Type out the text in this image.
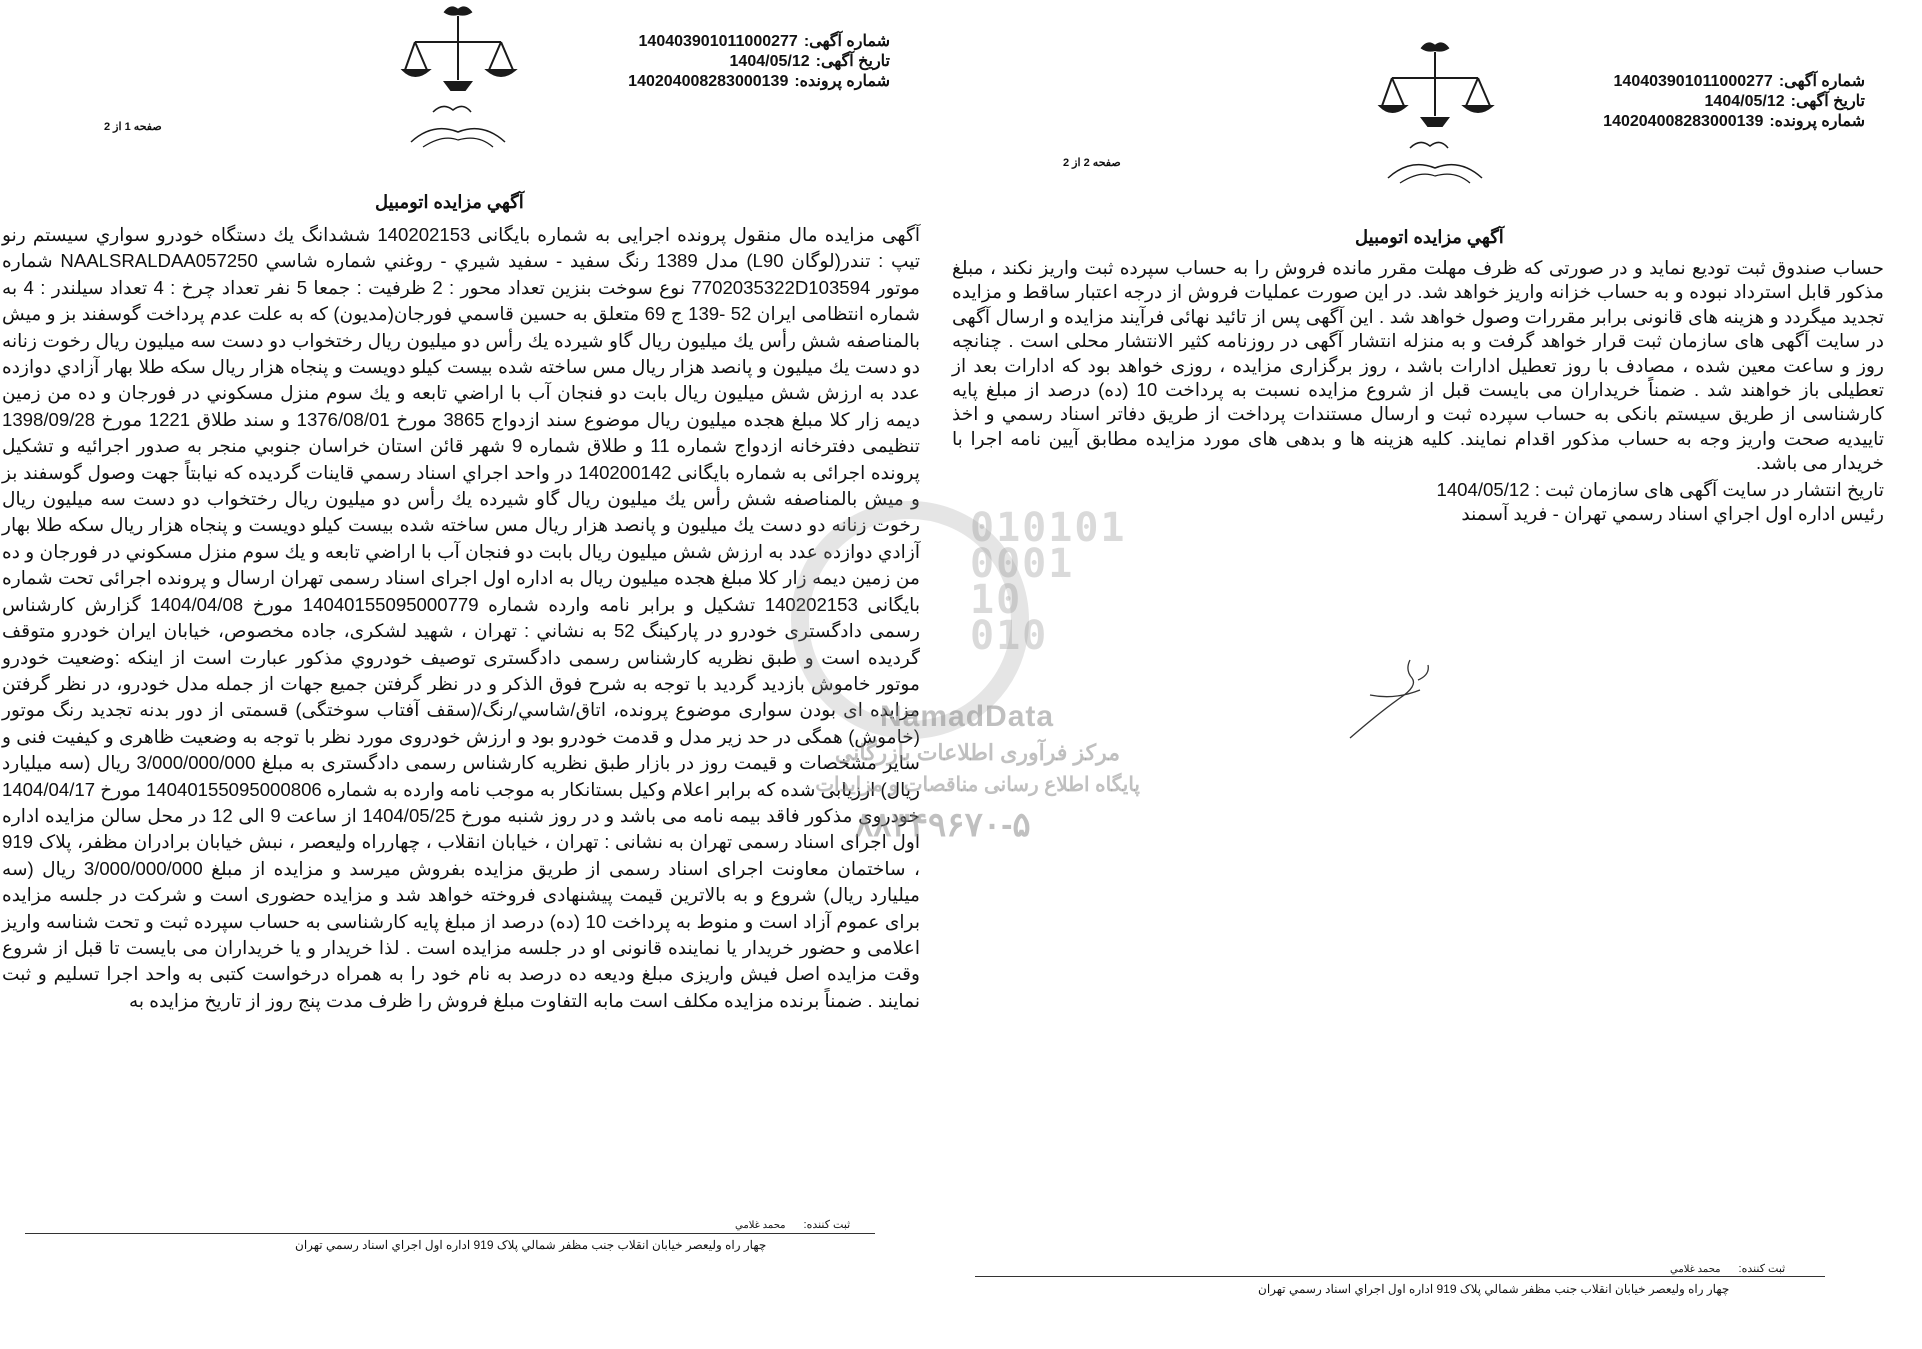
شماره آگهی:14040390101100027​7
تاریخ آگهی:1404/05/12
شماره پرونده:140204008283000139
صفحه 1 از 2
آگهي مزايده اتومبيل
آگهی مزایده مال منقول پرونده اجرایی به شماره بایگانی 140202153 ششدانگ يك دستگاه خودرو سواري سيستم رنو تيپ : تندر(لوگان L90) مدل 1389 رنگ سفيد - سفيد شيري - روغني شماره شاسي NAALSRALDAA057250 شماره موتور 7702035322D103594 نوع سوخت بنزين تعداد محور : 2 ظرفيت : جمعا 5 نفر تعداد چرخ : 4 تعداد سيلندر : 4 به شماره انتظامی ايران 52 -139 ج 69 متعلق به حسين قاسمي فورجان(مديون) كه به علت عدم پرداخت گوسفند بز و ميش بالمناصفه شش رأس يك ميليون ريال گاو شيرده يك رأس دو ميليون ريال رختخواب دو دست سه ميليون ريال رخوت زنانه دو دست يك ميليون و پانصد هزار ريال مس ساخته شده بيست كيلو دويست و پنجاه هزار ريال سكه طلا بهار آزادي دوازده عدد به ارزش شش ميليون ريال بابت دو فنجان آب با اراضي تابعه و يك سوم منزل مسكوني در فورجان و ده من زمين ديمه زار كلا مبلغ هجده ميليون ريال موضوع سند ازدواج 3865 مورخ 1376/08/01 و سند طلاق 1221 مورخ 1398/09/28 تنظيمی دفترخانه ازدواج شماره 11 و طلاق شماره 9 شهر قائن استان خراسان جنوبي منجر به صدور اجرائيه و تشكيل پرونده اجرائی به شماره بايگانی 140200142 در واحد اجراي اسناد رسمي قاينات گرديده كه نيابتاً جهت وصول گوسفند بز و ميش بالمناصفه شش رأس يك ميليون ريال گاو شيرده يك رأس دو ميليون ريال رختخواب دو دست سه ميليون ريال رخوت زنانه دو دست يك ميليون و پانصد هزار ريال مس ساخته شده بيست كيلو دويست و پنجاه هزار ريال سكه طلا بهار آزادي دوازده عدد به ارزش شش ميليون ريال بابت دو فنجان آب با اراضي تابعه و يك سوم منزل مسكوني در فورجان و ده من زمين ديمه زار كلا مبلغ هجده ميليون ريال به اداره اول اجرای اسناد رسمی تهران ارسال و پرونده اجرائی تحت شماره بایگانی 140202153 تشكيل و برابر نامه وارده شماره 14040155095000779 مورخ 1404/04/08 گزارش كارشناس رسمی دادگستری خودرو در پاركينگ 52 به نشاني : تهران ، شهيد لشكری، جاده مخصوص، خيابان ايران خودرو متوقف گرديده است و طبق نظريه كارشناس رسمی دادگستری توصيف خودروي مذكور عبارت است از اينكه :وضعيت خودرو موتور خاموش بازديد گرديد با توجه به شرح فوق الذكر و در نظر گرفتن جميع جهات از جمله مدل خودرو، در نظر گرفتن مزايده ای بودن سواری موضوع پرونده، اتاق/شاسي/رنگ/(سقف آفتاب سوختگی) قسمتی از دور بدنه تجديد رنگ موتور (خاموش) همگی در حد زير مدل و قدمت خودرو بود و ارزش خودروی مورد نظر با توجه به وضعيت ظاهری و كيفيت فنی و ساير مشخصات و قيمت روز در بازار طبق نظريه كارشناس رسمی دادگستری به مبلغ 3/000/000/000 ريال (سه ميليارد ريال) ارزيابی شده كه برابر اعلام وكيل بستانكار به موجب نامه وارده به شماره 14040155095000806 مورخ 1404/04/17 خودروی مذكور فاقد بيمه نامه می باشد و در روز شنبه مورخ 1404/05/25 از ساعت 9 الی 12 در محل سالن مزايده اداره اول اجرای اسناد رسمی تهران به نشانی : تهران ، خيابان انقلاب ، چهارراه وليعصر ، نبش خيابان برادران مظفر، پلاک 919 ، ساختمان معاونت اجرای اسناد رسمی از طريق مزايده بفروش ميرسد و مزايده از مبلغ 3/000/000/000 ريال (سه ميليارد ريال) شروع و به بالاترين قيمت پيشنهادی فروخته خواهد شد و مزايده حضوری است و شركت در جلسه مزايده برای عموم آزاد است و منوط به پرداخت 10 (ده) درصد از مبلغ پايه كارشناسی به حساب سپرده ثبت و تحت شناسه واريز اعلامی و حضور خريدار يا نماينده قانونی او در جلسه مزايده است . لذا خريدار و يا خريداران می بايست تا قبل از شروع وقت مزايده اصل فيش واريزی مبلغ وديعه ده درصد به نام خود را به همراه درخواست كتبی به واحد اجرا تسليم و ثبت نمايند . ضمناً برنده مزايده مكلف است مابه التفاوت مبلغ فروش را ظرف مدت پنج روز از تاريخ مزايده به
ثبت كننده:محمد غلامي
چهار راه وليعصر خيابان انقلاب جنب مظفر شمالي پلاک 919 اداره اول اجراي اسناد رسمي تهران
شماره آگهی:140403901011000277
تاریخ آگهی:1404/05/12
شماره پرونده:140204008283000139
صفحه 2 از 2
آگهي مزايده اتومبيل

حساب صندوق ثبت توديع نمايد و در صورتی كه ظرف مهلت مقرر مانده فروش را به حساب سپرده ثبت واريز نكند ، مبلغ مذكور قابل استرداد نبوده و به حساب خزانه واريز خواهد شد. در اين صورت عمليات فروش از درجه اعتبار ساقط و مزايده تجديد ميگردد و هزينه های قانونی برابر مقررات وصول خواهد شد . اين آگهی پس از تائيد نهائی فرآيند مزايده و ارسال آگهی در سايت آگهی های سازمان ثبت قرار خواهد گرفت و به منزله انتشار آگهی در روزنامه كثير الانتشار محلی است . چنانچه روز و ساعت معين شده ، مصادف با روز تعطيل ادارات باشد ، روز برگزاری مزايده ، روزی خواهد بود كه ادارات بعد از تعطيلی باز خواهند شد . ضمناً خريداران می بايست قبل از شروع مزايده نسبت به پرداخت 10 (ده) درصد از مبلغ پايه كارشناسی از طريق سيستم بانكی به حساب سپرده ثبت و ارسال مستندات پرداخت از طريق دفاتر اسناد رسمي و اخذ تاييديه صحت واريز وجه به حساب مذكور اقدام نمايند. كليه هزينه ها و بدهی های مورد مزايده مطابق آيين نامه اجرا با خريدار می باشد.

تاريخ انتشار در سايت آگهی های سازمان ثبت : 1404/05/12

رئيس اداره اول اجراي اسناد رسمي تهران - فريد آسمند

ثبت كننده:محمد غلامي
چهار راه وليعصر خيابان انقلاب جنب مظفر شمالي پلاک 919 اداره اول اجراي اسناد رسمي تهران
010101
0001
10
010
NamadData
مرکز فرآوری اطلاعات بازرگانی
پایگاه اطلاع رسانی مناقصات و مزایدات
۸۸۳۴۹۶۷۰-۵
